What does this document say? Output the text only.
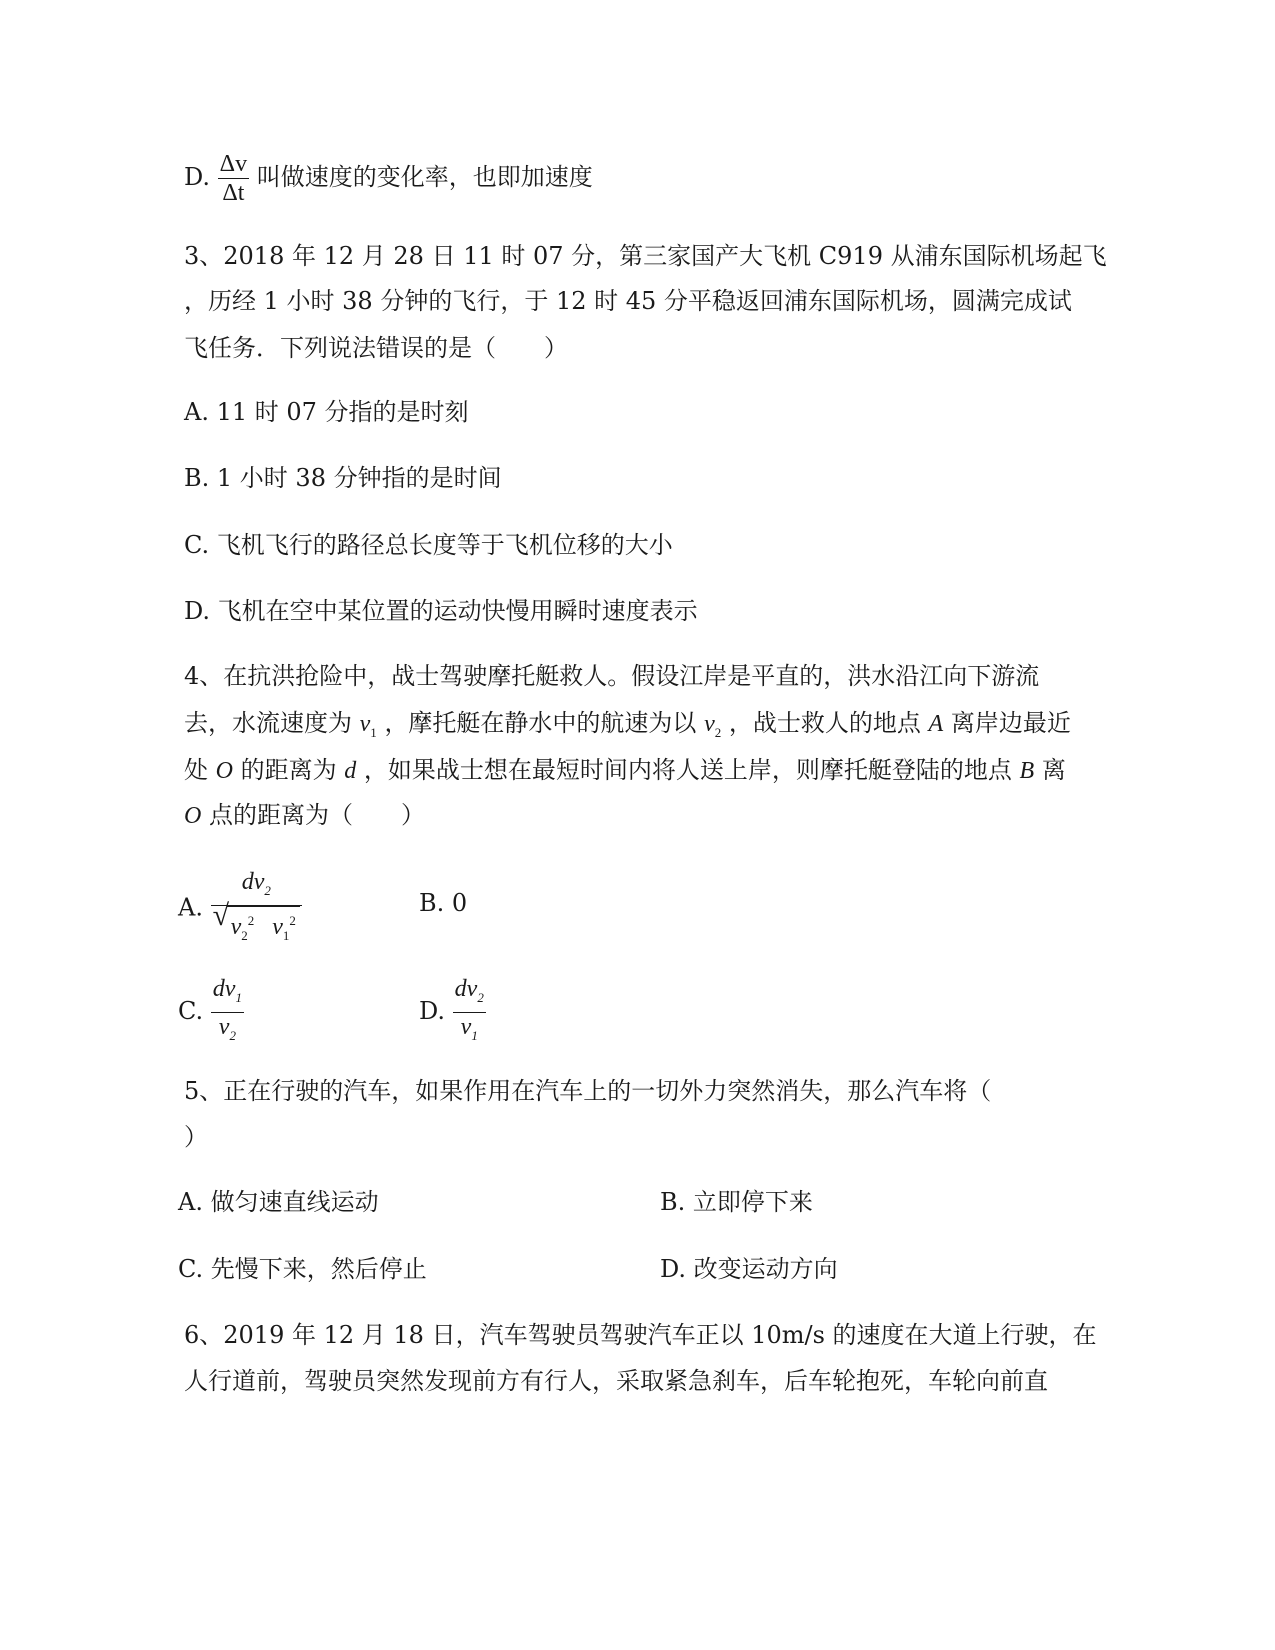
D. $\frac{\Delta v}{\Delta t}$ 叫做速度的变化率，也即加速度
3、2018 年 12 月 28 日 11 时 07 分，第三家国产大飞机 C919 从浦东国际机场起飞
，历经 1 小时 38 分钟的飞行，于 12 时 45 分平稳返回浦东国际机场，圆满完成试
飞任务．下列说法错误的是（　　）
A. 11 时 07 分指的是时刻
B. 1 小时 38 分钟指的是时间
C. 飞机飞行的路径总长度等于飞机位移的大小
D. 飞机在空中某位置的运动快慢用瞬时速度表示
4、在抗洪抢险中，战士驾驶摩托艇救人。假设江岸是平直的，洪水沿江向下游流
去，水流速度为 $v_1$ ，摩托艇在静水中的航速为以 $v_2$ ，战士救人的地点 A 离岸边最近
处 O 的距离为 d ，如果战士想在最短时间内将人送上岸，则摩托艇登陆的地点 B 离
O 点的距离为（　　）
A. $\frac{dv_2}{√ v_2^2 v_1^2}$	B. 0
C. $\frac{dv_1}{v_2}$	D. $\frac{dv_2}{v_1}$
5、正在行驶的汽车，如果作用在汽车上的一切外力突然消失，那么汽车将（
）
A. 做匀速直线运动	B. 立即停下来
C. 先慢下来，然后停止	D. 改变运动方向
6、2019 年 12 月 18 日，汽车驾驶员驾驶汽车正以 10m/s 的速度在大道上行驶，在
人行道前，驾驶员突然发现前方有行人，采取紧急刹车，后车轮抱死，车轮向前直
